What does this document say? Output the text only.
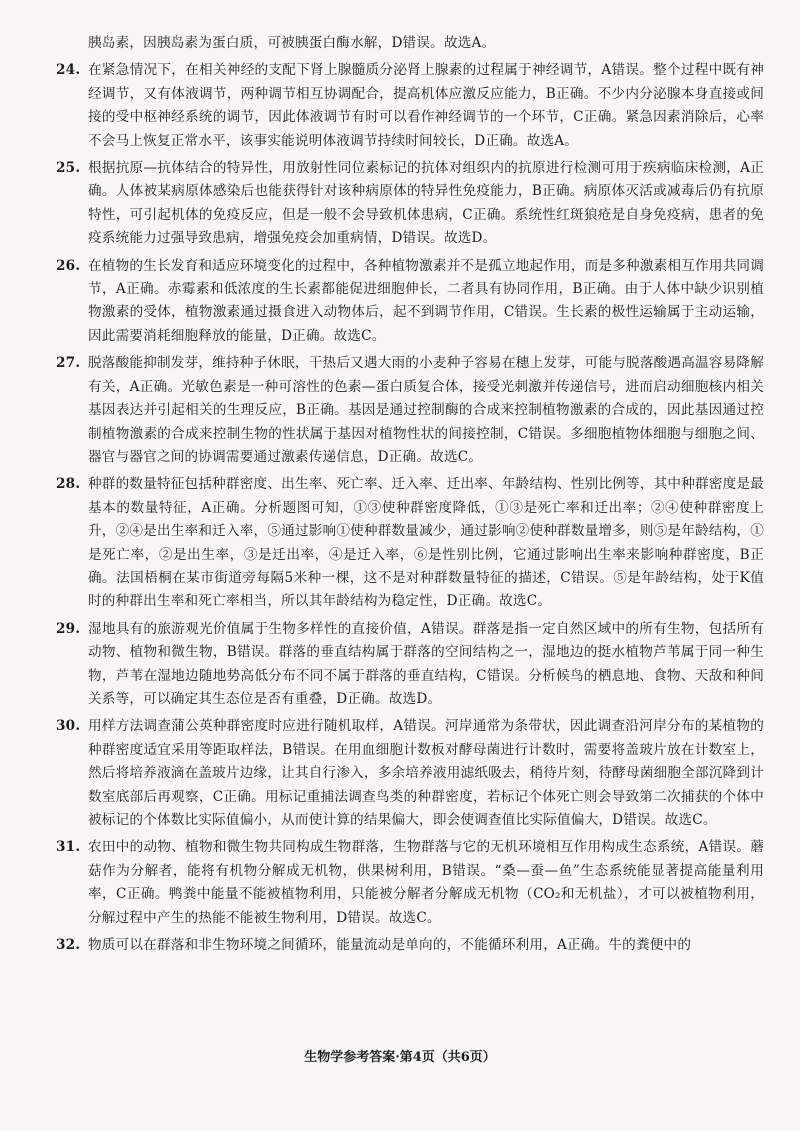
胰岛素，因胰岛素为蛋白质，可被胰蛋白酶水解，D错误。故选A。
24. 在紧急情况下，在相关神经的支配下肾上腺髓质分泌肾上腺素的过程属于神经调节，A错误。整个过程中既有神经调节，又有体液调节，两种调节相互协调配合，提高机体应激反应能力，B正确。不少内分泌腺本身直接或间接的受中枢神经系统的调节，因此体液调节有时可以看作神经调节的一个环节，C正确。紧急因素消除后，心率不会马上恢复正常水平，该事实能说明体液调节持续时间较长，D正确。故选A。
25. 根据抗原—抗体结合的特异性，用放射性同位素标记的抗体对组织内的抗原进行检测可用于疾病临床检测，A正确。人体被某病原体感染后也能获得针对该种病原体的特异性免疫能力，B正确。病原体灭活或减毒后仍有抗原特性，可引起机体的免疫反应，但是一般不会导致机体患病，C正确。系统性红斑狼疮是自身免疫病，患者的免疫系统能力过强导致患病，增强免疫会加重病情，D错误。故选D。
26. 在植物的生长发育和适应环境变化的过程中，各种植物激素并不是孤立地起作用，而是多种激素相互作用共同调节，A正确。赤霉素和低浓度的生长素都能促进细胞伸长，二者具有协同作用，B正确。由于人体中缺少识别植物激素的受体，植物激素通过摄食进入动物体后，起不到调节作用，C错误。生长素的极性运输属于主动运输，因此需要消耗细胞释放的能量，D正确。故选C。
27. 脱落酸能抑制发芽，维持种子休眠，干热后又遇大雨的小麦种子容易在穗上发芽，可能与脱落酸遇高温容易降解有关，A正确。光敏色素是一种可溶性的色素—蛋白质复合体，接受光刺激并传递信号，进而启动细胞核内相关基因表达并引起相关的生理反应，B正确。基因是通过控制酶的合成来控制植物激素的合成的，因此基因通过控制植物激素的合成来控制生物的性状属于基因对植物性状的间接控制，C错误。多细胞植物体细胞与细胞之间、器官与器官之间的协调需要通过激素传递信息，D正确。故选C。
28. 种群的数量特征包括种群密度、出生率、死亡率、迁入率、迁出率、年龄结构、性别比例等，其中种群密度是最基本的数量特征，A正确。分析题图可知，①③使种群密度降低，①③是死亡率和迁出率；②④使种群密度上升，②④是出生率和迁入率，⑤通过影响①使种群数量减少，通过影响②使种群数量增多，则⑤是年龄结构，①是死亡率，②是出生率，③是迁出率，④是迁入率，⑥是性别比例，它通过影响出生率来影响种群密度，B正确。法国梧桐在某市街道旁每隔5米种一棵，这不是对种群数量特征的描述，C错误。⑤是年龄结构，处于K值时的种群出生率和死亡率相当，所以其年龄结构为稳定性，D正确。故选C。
29. 湿地具有的旅游观光价值属于生物多样性的直接价值，A错误。群落是指一定自然区域中的所有生物，包括所有动物、植物和微生物，B错误。群落的垂直结构属于群落的空间结构之一，湿地边的挺水植物芦苇属于同一种生物，芦苇在湿地边随地势高低分布不同不属于群落的垂直结构，C错误。分析候鸟的栖息地、食物、天敌和种间关系等，可以确定其生态位是否有重叠，D正确。故选D。
30. 用样方法调查蒲公英种群密度时应进行随机取样，A错误。河岸通常为条带状，因此调查沿河岸分布的某植物的种群密度适宜采用等距取样法，B错误。在用血细胞计数板对酵母菌进行计数时，需要将盖玻片放在计数室上，然后将培养液滴在盖玻片边缘，让其自行渗入，多余培养液用滤纸吸去，稍待片刻，待酵母菌细胞全部沉降到计数室底部后再观察，C正确。用标记重捕法调查鸟类的种群密度，若标记个体死亡则会导致第二次捕获的个体中被标记的个体数比实际值偏小，从而使计算的结果偏大，即会使调查值比实际值偏大，D错误。故选C。
31. 农田中的动物、植物和微生物共同构成生物群落，生物群落与它的无机环境相互作用构成生态系统，A错误。蘑菇作为分解者，能将有机物分解成无机物，供果树利用，B错误。“桑—蚕—鱼”生态系统能显著提高能量利用率，C正确。鸭粪中能量不能被植物利用，只能被分解者分解成无机物（CO₂和无机盐），才可以被植物利用，分解过程中产生的热能不能被生物利用，D错误。故选C。
32. 物质可以在群落和非生物环境之间循环，能量流动是单向的，不能循环利用，A正确。牛的粪便中的
生物学参考答案·第4页（共6页）
